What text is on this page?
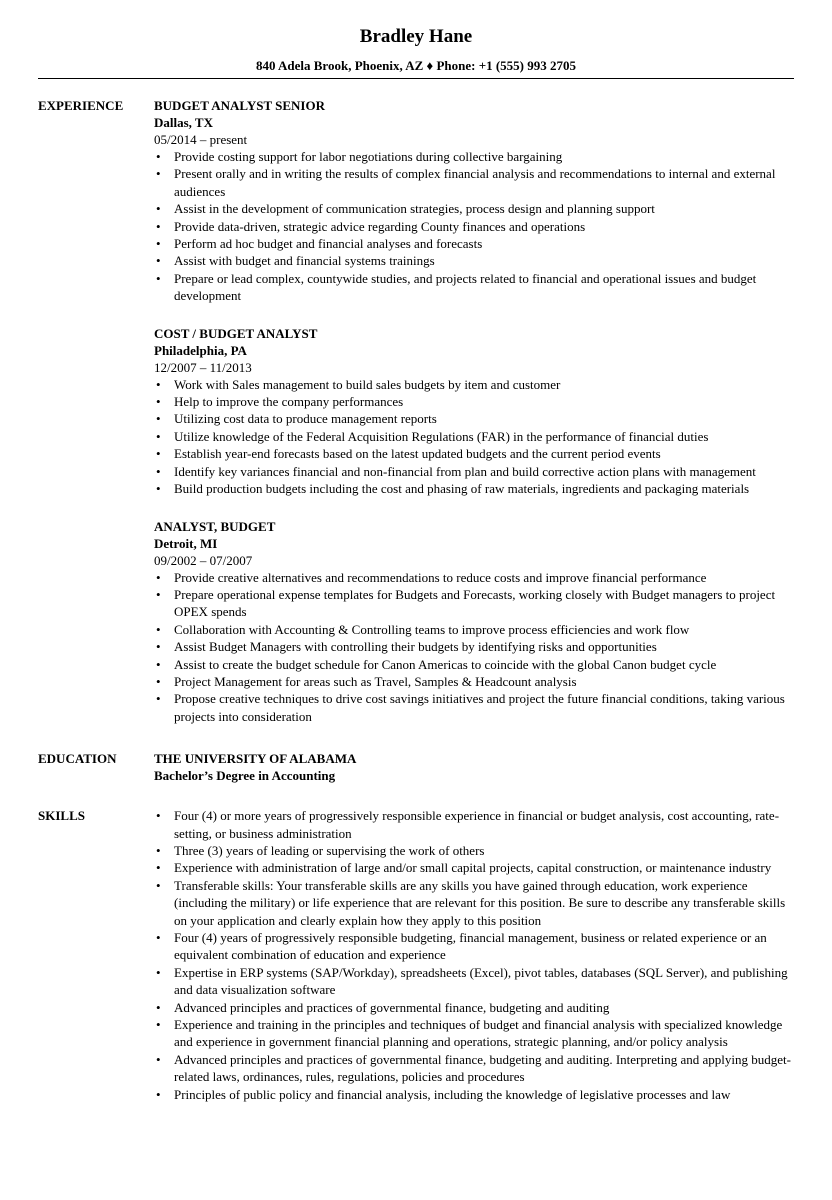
Bradley Hane
840 Adela Brook, Phoenix, AZ ♦ Phone: +1 (555) 993 2705
EXPERIENCE BUDGET ANALYST SENIOR
Dallas, TX
05/2014 – present
• Provide costing support for labor negotiations during collective bargaining
• Present orally and in writing the results of complex financial analysis and recommendations to internal and external audiences
• Assist in the development of communication strategies, process design and planning support
• Provide data-driven, strategic advice regarding County finances and operations
• Perform ad hoc budget and financial analyses and forecasts
• Assist with budget and financial systems trainings
• Prepare or lead complex, countywide studies, and projects related to financial and operational issues and budget development
COST / BUDGET ANALYST
Philadelphia, PA
12/2007 – 11/2013
• Work with Sales management to build sales budgets by item and customer
• Help to improve the company performances
• Utilizing cost data to produce management reports
• Utilize knowledge of the Federal Acquisition Regulations (FAR) in the performance of financial duties
• Establish year-end forecasts based on the latest updated budgets and the current period events
• Identify key variances financial and non-financial from plan and build corrective action plans with management
• Build production budgets including the cost and phasing of raw materials, ingredients and packaging materials
ANALYST, BUDGET
Detroit, MI
09/2002 – 07/2007
• Provide creative alternatives and recommendations to reduce costs and improve financial performance
• Prepare operational expense templates for Budgets and Forecasts, working closely with Budget managers to project OPEX spends
• Collaboration with Accounting & Controlling teams to improve process efficiencies and work flow
• Assist Budget Managers with controlling their budgets by identifying risks and opportunities
• Assist to create the budget schedule for Canon Americas to coincide with the global Canon budget cycle
• Project Management for areas such as Travel, Samples & Headcount analysis
• Propose creative techniques to drive cost savings initiatives and project the future financial conditions, taking various projects into consideration
EDUCATION	THE UNIVERSITY OF ALABAMA
Bachelor’s Degree in Accounting
SKILLS
•	Four (4) or more years of progressively responsible experience in financial or budget analysis, cost accounting, rate-setting, or business administration
• Three (3) years of leading or supervising the work of others
• Experience with administration of large and/or small capital projects, capital construction, or maintenance industry
• Transferable skills: Your transferable skills are any skills you have gained through education, work experience (including the military) or life experience that are relevant for this position. Be sure to describe any transferable skills on your application and clearly explain how they apply to this position
• Four (4) years of progressively responsible budgeting, financial management, business or related experience or an equivalent combination of education and experience
• Expertise in ERP systems (SAP/Workday), spreadsheets (Excel), pivot tables, databases (SQL Server), and publishing and data visualization software
• Advanced principles and practices of governmental finance, budgeting and auditing
• Experience and training in the principles and techniques of budget and financial analysis with specialized knowledge and experience in government financial planning and operations, strategic planning, and/or policy analysis
• Advanced principles and practices of governmental finance, budgeting and auditing. Interpreting and applying budget-related laws, ordinances, rules, regulations, policies and procedures
• Principles of public policy and financial analysis, including the knowledge of legislative processes and law
